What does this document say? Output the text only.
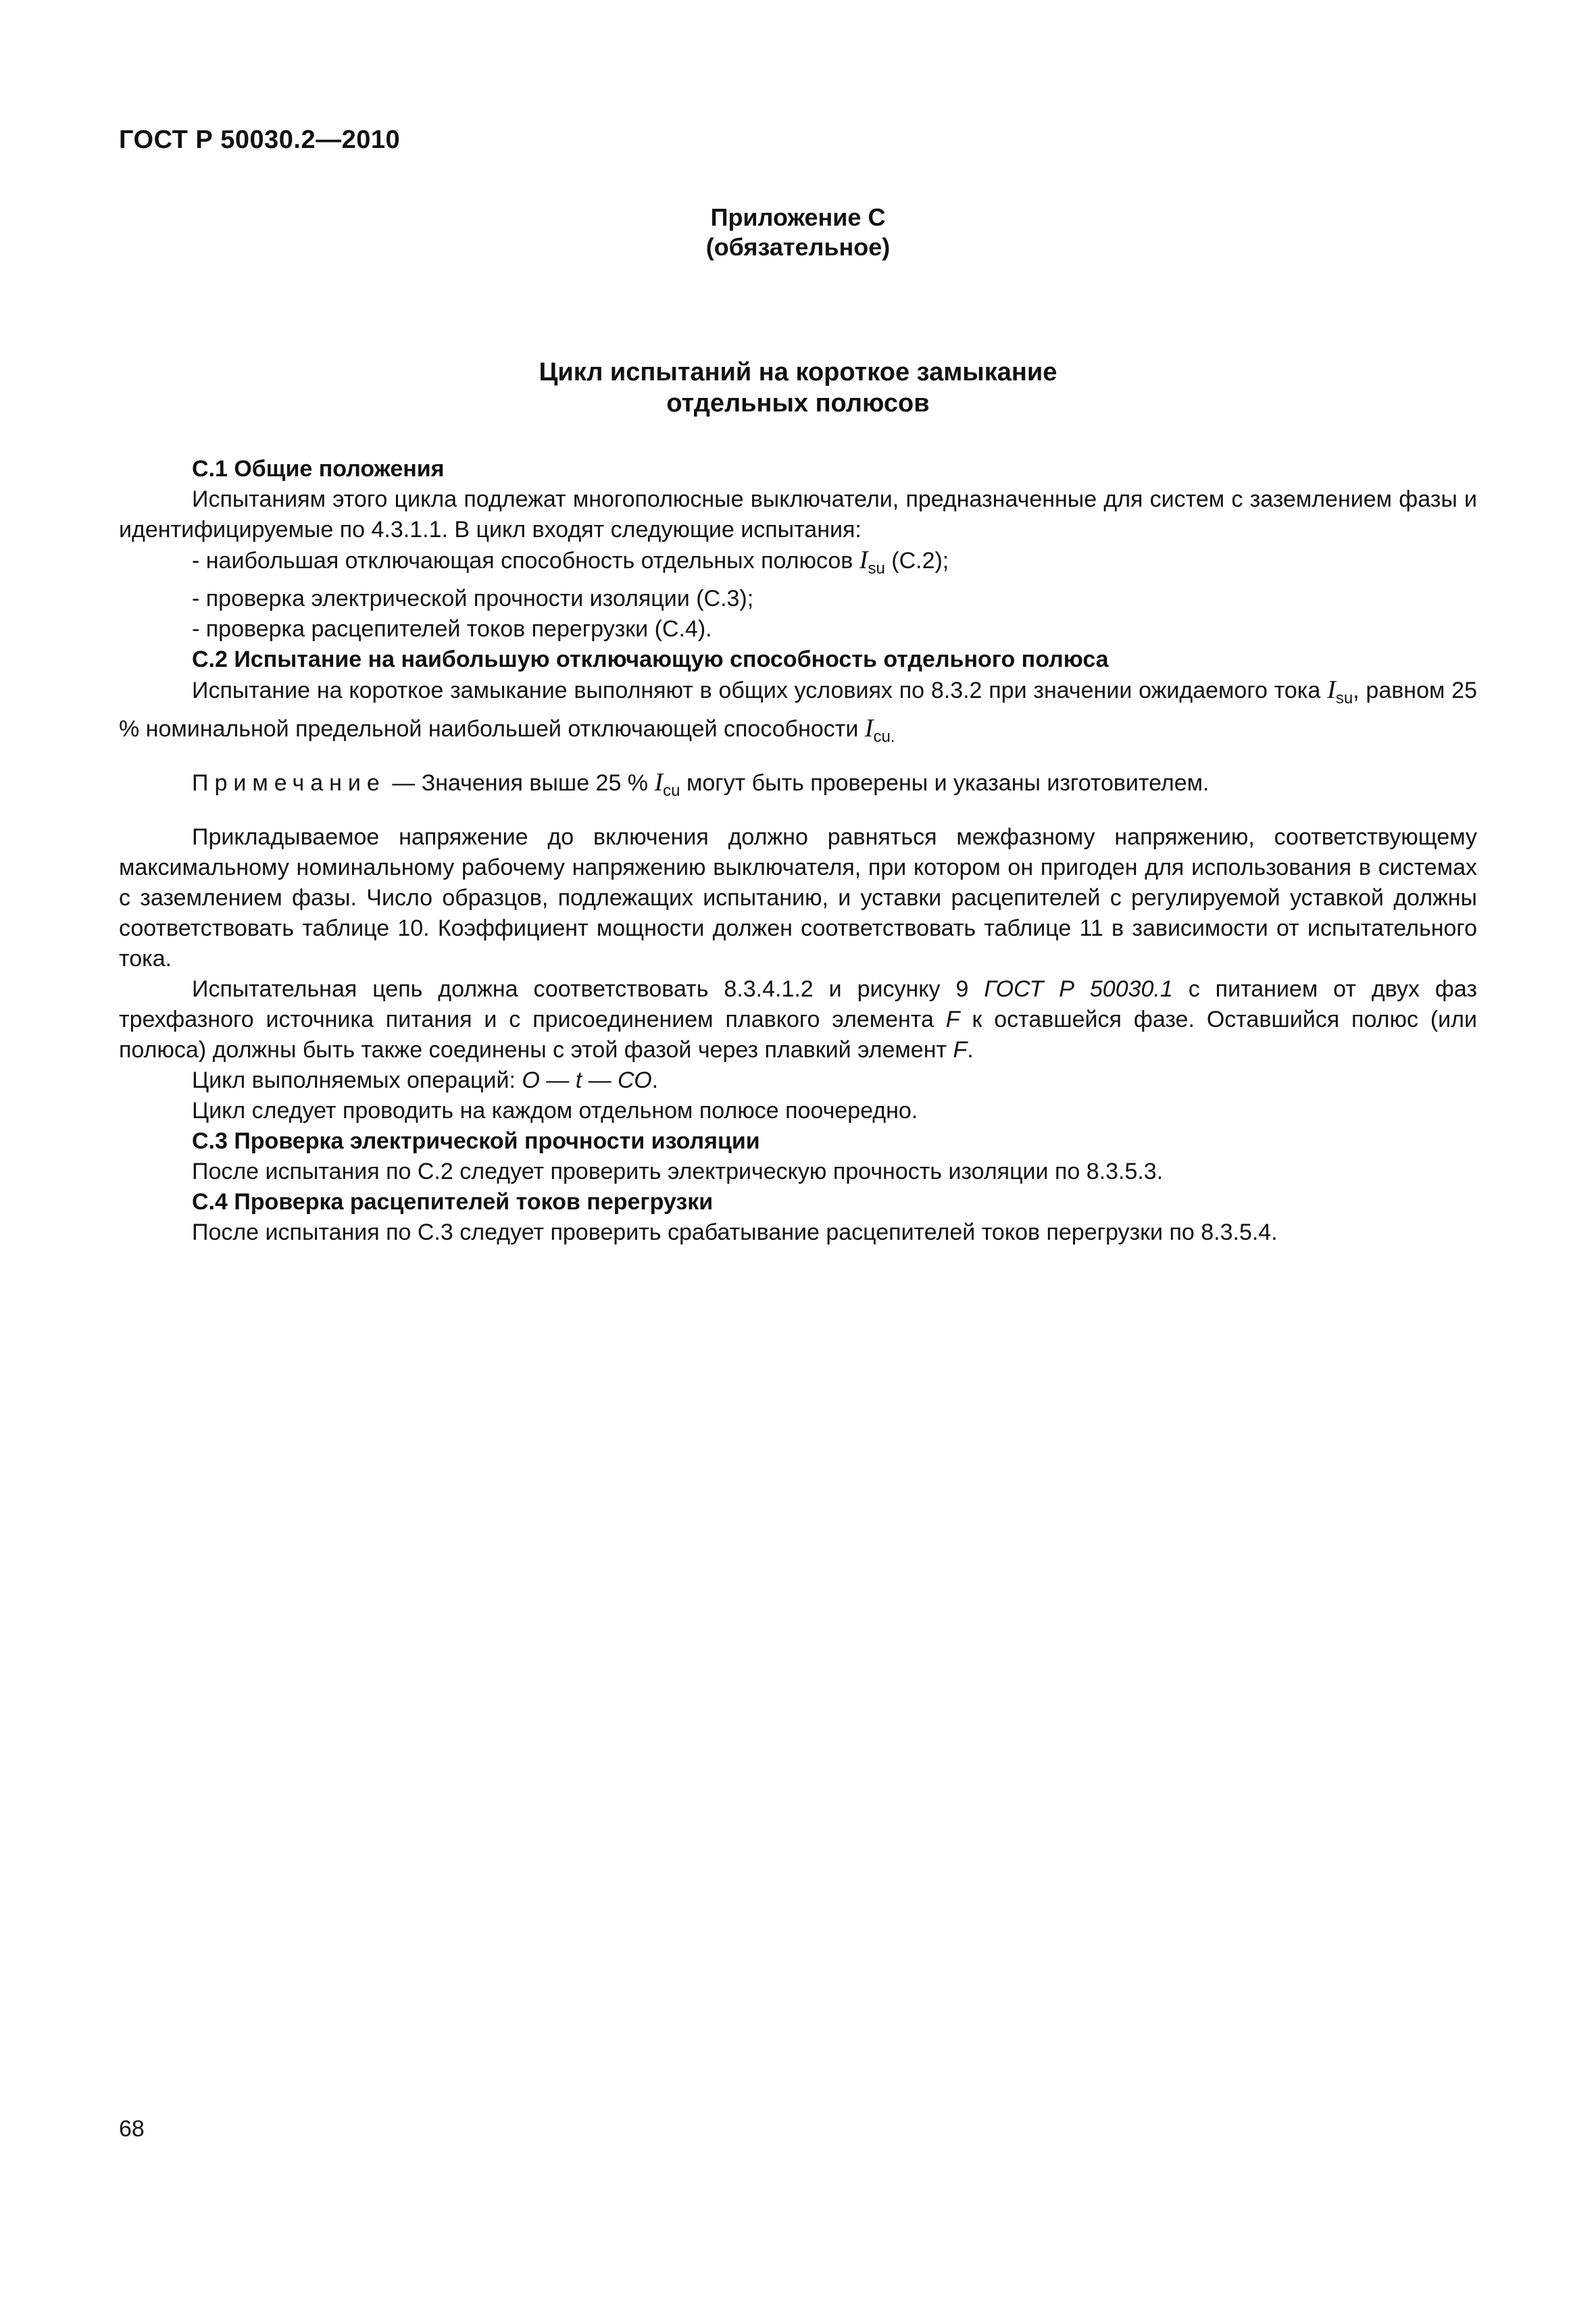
ГОСТ Р 50030.2—2010
Приложение С
(обязательное)
Цикл испытаний на короткое замыкание
отдельных полюсов

С.1 Общие положения

Испытаниям этого цикла подлежат многополюсные выключатели, предназначенные для систем с заземлением фазы и идентифицируемые по 4.3.1.1. В цикл входят следующие испытания:

- наибольшая отключающая способность отдельных полюсов $I_{su}$ (С.2);

- проверка электрической прочности изоляции (С.3);

- проверка расцепителей токов перегрузки (С.4).

С.2 Испытание на наибольшую отключающую способность отдельного полюса

Испытание на короткое замыкание выполняют в общих условиях по 8.3.2 при значении ожидаемого тока $I_{su}$, равном 25 % номинальной предельной наибольшей отключающей способности $I_{cu.}$

Примечание — Значения выше 25 % $I_{cu}$ могут быть проверены и указаны изготовителем.

Прикладываемое напряжение до включения должно равняться межфазному напряжению, соответствующему максимальному номинальному рабочему напряжению выключателя, при котором он пригоден для использования в системах с заземлением фазы. Число образцов, подлежащих испытанию, и уставки расцепителей с регулируемой уставкой должны соответствовать таблице 10. Коэффициент мощности должен соответствовать таблице 11 в зависимости от испытательного тока.

Испытательная цепь должна соответствовать 8.3.4.1.2 и рисунку 9 ГОСТ Р 50030.1 с питанием от двух фаз трехфазного источника питания и с присоединением плавкого элемента F к оставшейся фазе. Оставшийся полюс (или полюса) должны быть также соединены с этой фазой через плавкий элемент F.

Цикл выполняемых операций: О — t — СО.

Цикл следует проводить на каждом отдельном полюсе поочередно.

С.3 Проверка электрической прочности изоляции

После испытания по С.2 следует проверить электрическую прочность изоляции по 8.3.5.3.

С.4 Проверка расцепителей токов перегрузки

После испытания по С.3 следует проверить срабатывание расцепителей токов перегрузки по 8.3.5.4.

68
